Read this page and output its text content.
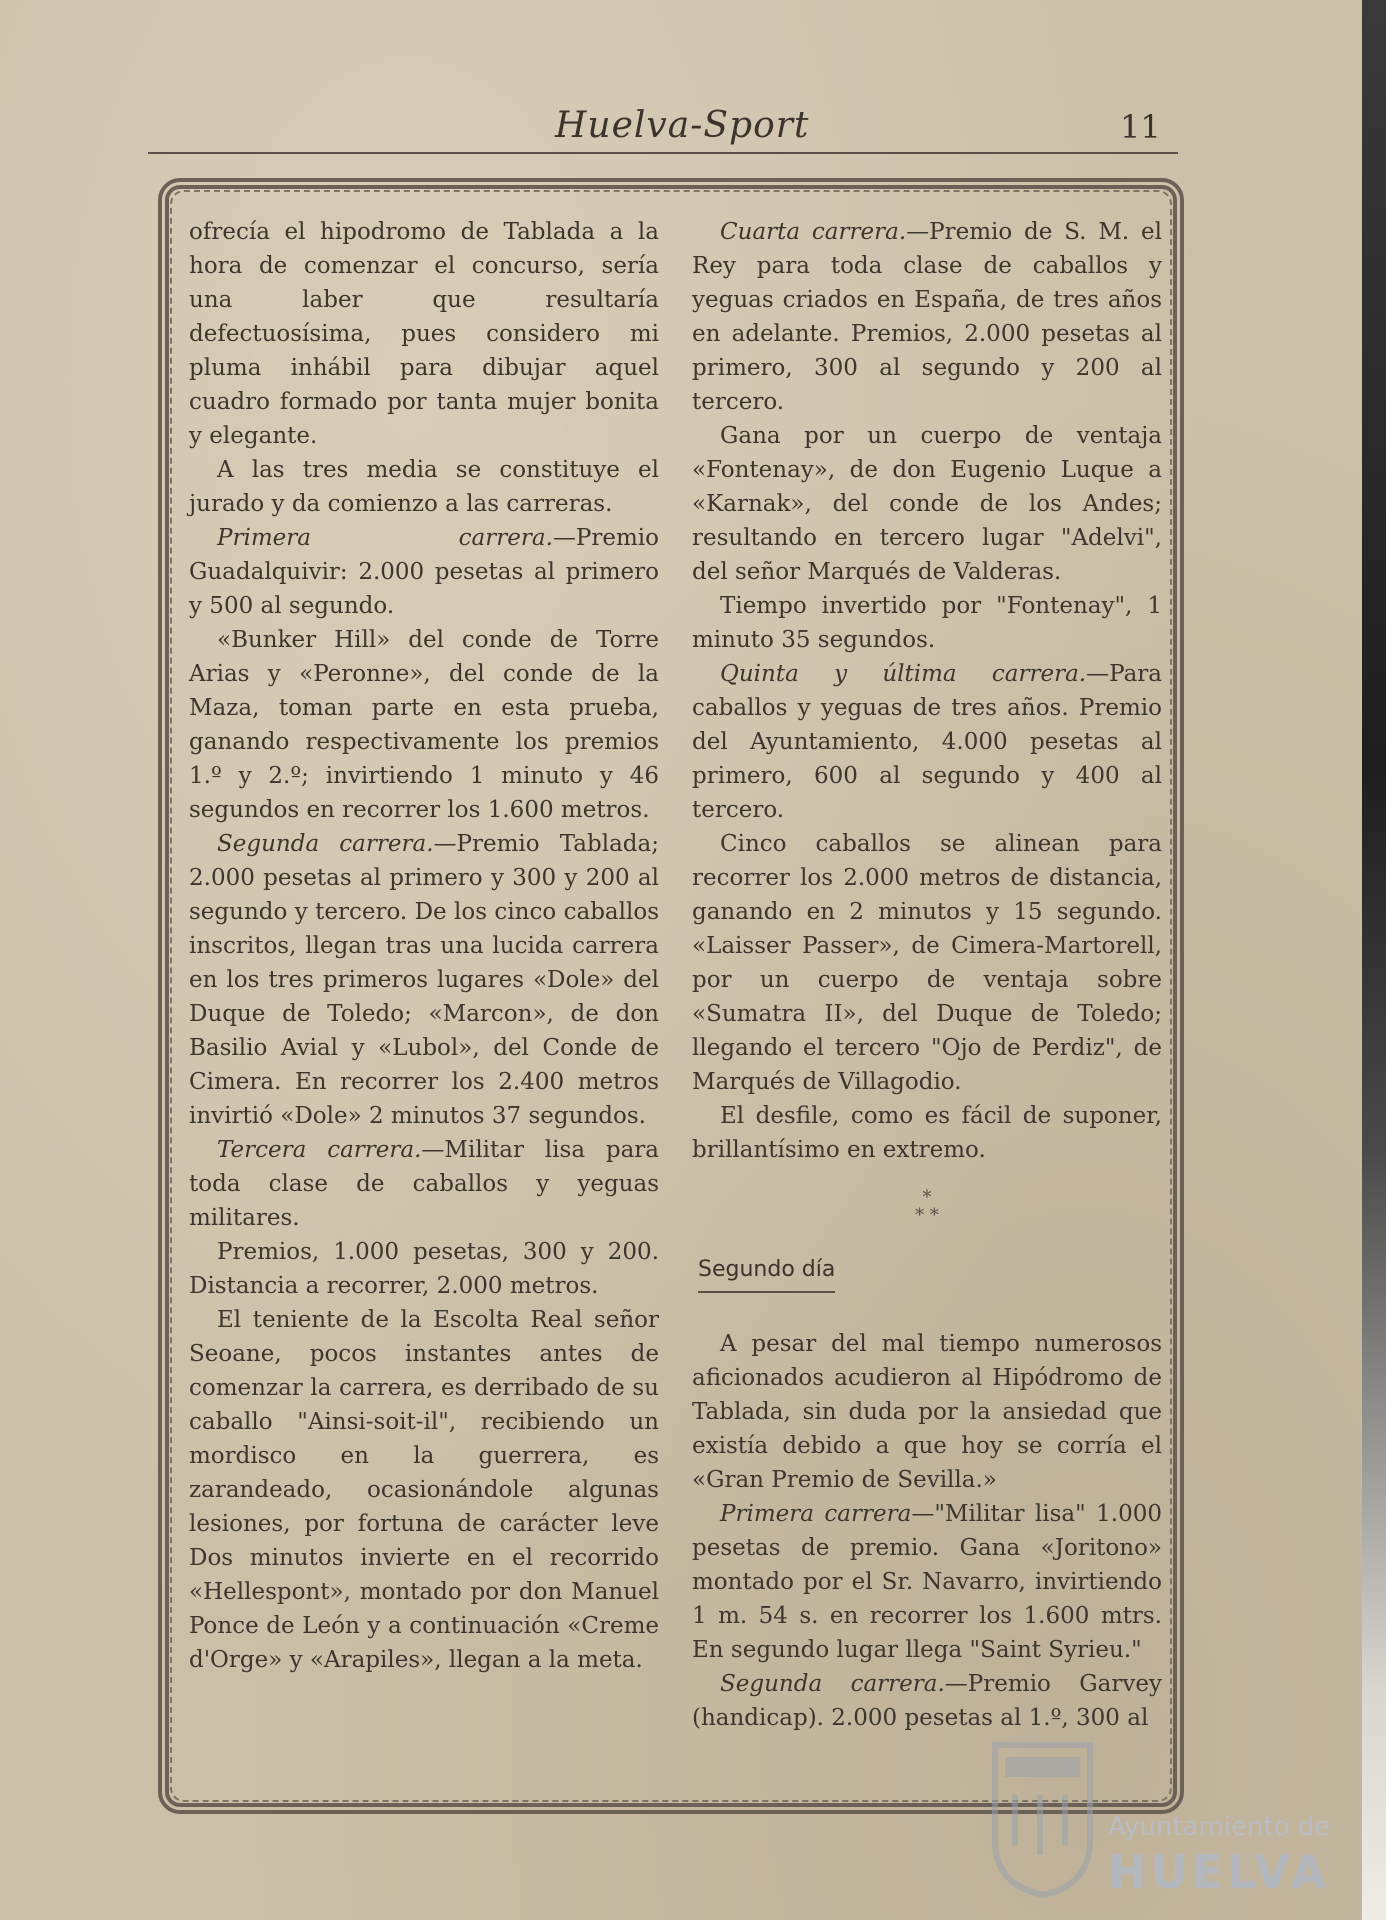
Huelva-Sport	11

ofrecía el hipodromo de Tablada a la hora de comenzar el concurso, sería una laber que resultaría defectuosísima, pues considero mi pluma inhábil para dibujar aquel cuadro formado por tanta mujer bonita y elegante.

A las tres media se constituye el jurado y da comienzo a las carreras.

Primera carrera.—Premio Guadalquivir: 2.000 pesetas al primero y 500 al segundo.

«Bunker Hill» del conde de Torre Arias y «Peronne», del conde de la Maza, toman parte en esta prueba, ganando respectivamente los premios 1.º y 2.º; invirtiendo 1 minuto y 46 segundos en recorrer los 1.600 metros.

Segunda carrera.—Premio Tablada; 2.000 pesetas al primero y 300 y 200 al segundo y tercero. De los cinco caballos inscritos, llegan tras una lucida carrera en los tres primeros lugares «Dole» del Duque de Toledo; «Marcon», de don Basilio Avial y «Lubol», del Conde de Cimera. En recorrer los 2.400 metros invirtió «Dole» 2 minutos 37 segundos.

Tercera carrera.—Militar lisa para toda clase de caballos y yeguas militares.

Premios, 1.000 pesetas, 300 y 200. Distancia a recorrer, 2.000 metros.

El teniente de la Escolta Real señor Seoane, pocos instantes antes de comenzar la carrera, es derribado de su caballo "Ainsi-soit-il", recibiendo un mordisco en la guerrera, es zarandeado, ocasionándole algunas lesiones, por fortuna de carácter leve Dos minutos invierte en el recorrido «Hellespont», montado por don Manuel Ponce de León y a continuación «Creme d'Orge» y «Arapiles», llegan a la meta.

Cuarta carrera.—Premio de S. M. el Rey para toda clase de caballos y yeguas criados en España, de tres años en adelante. Premios, 2.000 pesetas al primero, 300 al segundo y 200 al tercero.

Gana por un cuerpo de ventaja «Fontenay», de don Eugenio Luque a «Karnak», del conde de los Andes; resultando en tercero lugar "Adelvi", del señor Marqués de Valderas.

Tiempo invertido por "Fontenay", 1 minuto 35 segundos.

Quinta y última carrera.—Para caballos y yeguas de tres años. Premio del Ayuntamiento, 4.000 pesetas al primero, 600 al segundo y 400 al tercero.

Cinco caballos se alinean para recorrer los 2.000 metros de distancia, ganando en 2 minutos y 15 segundo. «Laisser Passer», de Cimera-Martorell, por un cuerpo de ventaja sobre «Sumatra II», del Duque de Toledo; llegando el tercero "Ojo de Perdiz", de Marqués de Villagodio.

El desfile, como es fácil de suponer, brillantísimo en extremo.

*
* *
Segundo día

A pesar del mal tiempo numerosos aficionados acudieron al Hipódromo de Tablada, sin duda por la ansiedad que existía debido a que hoy se corría el «Gran Premio de Sevilla.»

Primera carrera—"Militar lisa" 1.000 pesetas de premio. Gana «Joritono» montado por el Sr. Navarro, invirtiendo 1 m. 54 s. en recorrer los 1.600 mtrs. En segundo lugar llega "Saint Syrieu."

Segunda carrera.—Premio Garvey (handicap). 2.000 pesetas al 1.º, 300 al

Ayuntamiento de
HUELVA
